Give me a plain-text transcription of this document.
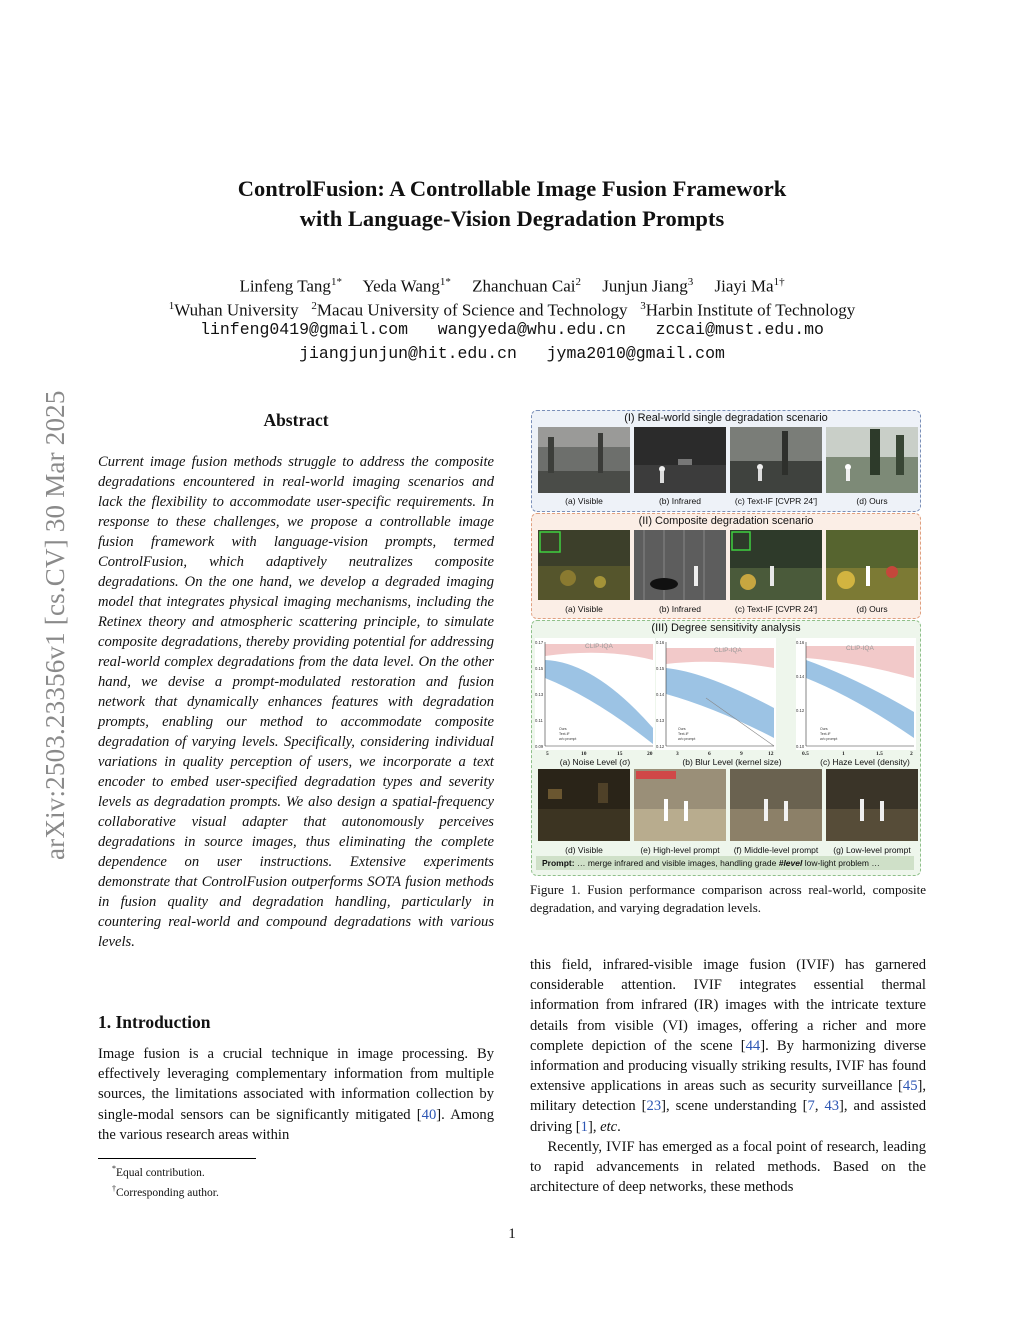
arXiv:2503.23356v1 [cs.CV] 30 Mar 2025
ControlFusion: A Controllable Image Fusion Framework
with Language-Vision Degradation Prompts
Linfeng Tang$^{1*}$ Yeda Wang$^{1*}$ Zhanchuan Cai$^2$ Junjun Jiang$^3$ Jiayi $Ma^{1\dagger}$
$^1$Wuhan University $^2$Macau University of Science and Technology $^3$Harbin Institute of Technology
linfeng0419@gmail.com   wangyeda@whu.edu.cn   zccai@must.edu.mo
jiangjunjun@hit.edu.cn   jyma2010@gmail.com
Abstract
Current image fusion methods struggle to address the composite degradations encountered in real-world imaging scenarios and lack the flexibility to accommodate user-specific requirements. In response to these challenges, we propose a controllable image fusion framework with language-vision prompts, termed ControlFusion, which adaptively neutralizes composite degradations. On the one hand, we develop a degraded imaging model that integrates physical imaging mechanisms, including the Retinex theory and atmospheric scattering principle, to simulate composite degradations, thereby providing potential for addressing real-world complex degradations from the data level. On the other hand, we devise a prompt-modulated restoration and fusion network that dynamically enhances features with degradation prompts, enabling our method to accommodate composite degradation of varying levels. Specifically, considering individual variations in quality perception of users, we incorporate a text encoder to embed user-specified degradation types and severity levels as degradation prompts. We also design a spatial-frequency collaborative visual adapter that autonomously perceives degradations in source images, thus eliminating the complete dependence on user instructions. Extensive experiments demonstrate that ControlFusion outperforms SOTA fusion methods in fusion quality and degradation handling, particularly in countering real-world and compound degradations with various levels.
1. Introduction
Image fusion is a crucial technique in image processing. By effectively leveraging complementary information from multiple sources, the limitations associated with information collection by single-modal sensors can be significantly mitigated [40]. Among the various research areas within
*Equal contribution.
†Corresponding author.
(I) Real-world single degradation scenario
(a) Visible	(b) Infrared	(c) Text-IF [CVPR 24']	(d) Ours
(II) Composite degradation scenario
(a) Visible	(b) Infrared	(c) Text-IF [CVPR 24']	(d) Ours
(III) Degree sensitivity analysis
CLIP-IQA
0.17
0.15
0.13
0.11
0.09
5	10	15	20
Ours
Text-IF
w/o prompt
CLIP-IQA
0.16
0.15
0.14
0.13
0.12
3	6	9	12
Ours
Text-IF
w/o prompt
CLIP-IQA
0.16
0.14
0.12
0.10
0.5	1	1.5	2
Ours
Text-IF
w/o prompt
(a) Noise Level (σ)	(b) Blur Level (kernel size)	(c) Haze Level (density)
(d) Visible	(e) High-level prompt	(f) Middle-level prompt	(g) Low-level prompt
Prompt: … merge infrared and visible images, handling grade #level low-light problem …
Figure 1. Fusion performance comparison across real-world, composite degradation, and varying degradation levels.

this field, infrared-visible image fusion (IVIF) has garnered considerable attention. IVIF integrates essential thermal information from infrared (IR) images with the intricate texture details from visible (VI) images, offering a richer and more complete depiction of the scene [44]. By harmonizing diverse information and producing visually striking results, IVIF has found extensive applications in areas such as security surveillance [45], military detection [23], scene understanding [7, 43], and assisted driving [1], etc.

Recently, IVIF has emerged as a focal point of research, leading to rapid advancements in related methods. Based on the architecture of deep networks, these methods

1
